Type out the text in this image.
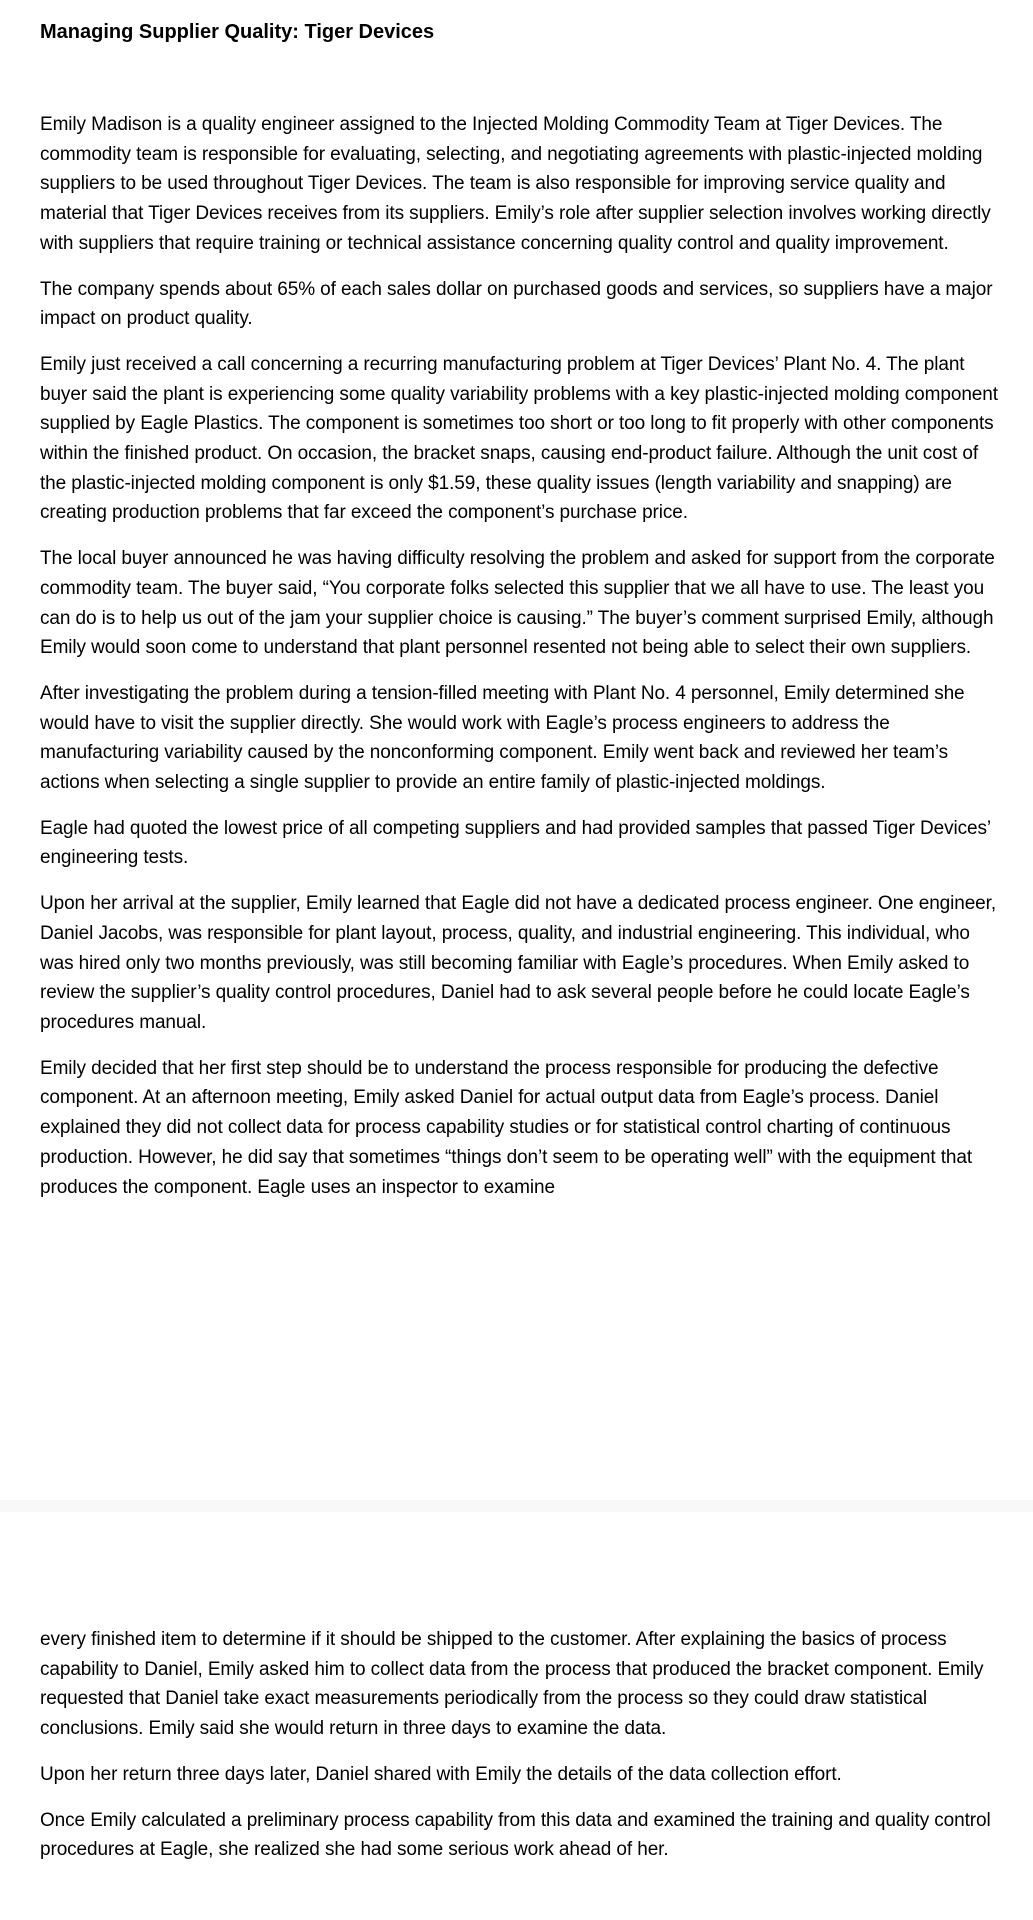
Managing Supplier Quality: Tiger Devices

Emily Madison is a quality engineer assigned to the Injected Molding Commodity Team at Tiger Devices. The commodity team is responsible for evaluating, selecting, and negotiating agreements with plastic-injected molding suppliers to be used throughout Tiger Devices. The team is also responsible for improving service quality and material that Tiger Devices receives from its suppliers. Emily’s role after supplier selection involves working directly with suppliers that require training or technical assistance concerning quality control and quality improvement.

The company spends about 65% of each sales dollar on purchased goods and services, so suppliers have a major impact on product quality.

Emily just received a call concerning a recurring manufacturing problem at Tiger Devices’ Plant No. 4. The plant buyer said the plant is experiencing some quality variability problems with a key plastic-injected molding component supplied by Eagle Plastics. The component is sometimes too short or too long to fit properly with other components within the finished product. On occasion, the bracket snaps, causing end-product failure. Although the unit cost of the plastic-injected molding component is only $1.59, these quality issues (length variability and snapping) are creating production problems that far exceed the component’s purchase price.

The local buyer announced he was having difficulty resolving the problem and asked for support from the corporate commodity team. The buyer said, “You corporate folks selected this supplier that we all have to use. The least you can do is to help us out of the jam your supplier choice is causing.” The buyer’s comment surprised Emily, although Emily would soon come to understand that plant personnel resented not being able to select their own suppliers.

After investigating the problem during a tension-filled meeting with Plant No. 4 personnel, Emily determined she would have to visit the supplier directly. She would work with Eagle’s process engineers to address the manufacturing variability caused by the nonconforming component. Emily went back and reviewed her team’s actions when selecting a single supplier to provide an entire family of plastic-injected moldings.

Eagle had quoted the lowest price of all competing suppliers and had provided samples that passed Tiger Devices’ engineering tests.

Upon her arrival at the supplier, Emily learned that Eagle did not have a dedicated process engineer. One engineer, Daniel Jacobs, was responsible for plant layout, process, quality, and industrial engineering. This individual, who was hired only two months previously, was still becoming familiar with Eagle’s procedures. When Emily asked to review the supplier’s quality control procedures, Daniel had to ask several people before he could locate Eagle’s procedures manual.

Emily decided that her first step should be to understand the process responsible for producing the defective component. At an afternoon meeting, Emily asked Daniel for actual output data from Eagle’s process. Daniel explained they did not collect data for process capability studies or for statistical control charting of continuous production. However, he did say that sometimes “things don’t seem to be operating well” with the equipment that produces the component. Eagle uses an inspector to examine

every finished item to determine if it should be shipped to the customer. After explaining the basics of process capability to Daniel, Emily asked him to collect data from the process that produced the bracket component. Emily requested that Daniel take exact measurements periodically from the process so they could draw statistical conclusions. Emily said she would return in three days to examine the data.

Upon her return three days later, Daniel shared with Emily the details of the data collection effort.

Once Emily calculated a preliminary process capability from this data and examined the training and quality control procedures at Eagle, she realized she had some serious work ahead of her.
